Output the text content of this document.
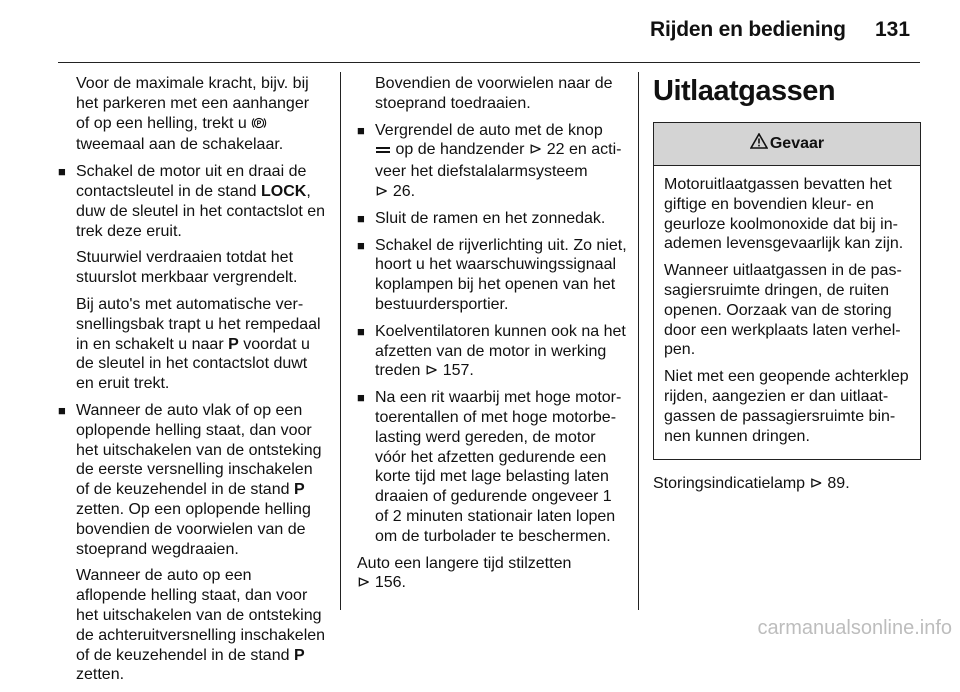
Rijden en bediening 131

Voor de maximale kracht, bijv. bij het parkeren met een aanhanger of op een helling, trekt u P
tweemaal aan de schakelaar.

■ Schakel de motor uit en draai de contactsleutel in de stand LOCK, duw de sleutel in het contactslot en trek deze eruit.

Stuurwiel verdraaien totdat het stuurslot merkbaar vergrendelt.

Bij auto's met automatische versnellingsbak trapt u het rempedaal in en schakelt u naar P voordat u de sleutel in het contactslot duwt en eruit trekt.

■ Wanneer de auto vlak of op een oplopende helling staat, dan voor het uitschakelen van de ontsteking de eerste versnelling inschakelen of de keuzehendel in de stand P zetten. Op een oplopende helling bovendien de voorwielen van de stoeprand wegdraaien.

Wanneer de auto op een aflopende helling staat, dan voor het uitschakelen van de ontsteking de achteruitversnelling inschakelen of de keuzehendel in de stand P zetten.

Bovendien de voorwielen naar de stoeprand toedraaien.

■ Vergrendel de auto met de knop
op de handzender ⊳ 22 en activeer het diefstalalarmsysteem
⊳ 26.

■ Sluit de ramen en het zonnedak.

■ Schakel de rijverlichting uit. Zo niet, hoort u het waarschuwingssignaal koplampen bij het openen van het bestuurdersportier.

■ Koelventilatoren kunnen ook na het afzetten van de motor in werking treden ⊳ 157.

■ Na een rit waarbij met hoge motortoerentallen of met hoge motorbelasting werd gereden, de motor vóór het afzetten gedurende een korte tijd met lage belasting laten draaien of gedurende ongeveer 1 of 2 minuten stationair laten lopen om de turbolader te beschermen.

Auto een langere tijd stilzetten
⊳ 156.

Uitlaatgassen
Gevaar

Motoruitlaatgassen bevatten het giftige en bovendien kleur- en geurloze koolmonoxide dat bij inademen levensgevaarlijk kan zijn.

Wanneer uitlaatgassen in de passagiersruimte dringen, de ruiten openen. Oorzaak van de storing door een werkplaats laten verhelpen.

Niet met een geopende achterklep rijden, aangezien er dan uitlaatgassen de passagiersruimte binnen kunnen dringen.

Storingsindicatielamp ⊳ 89.

carmanualsonline.info
